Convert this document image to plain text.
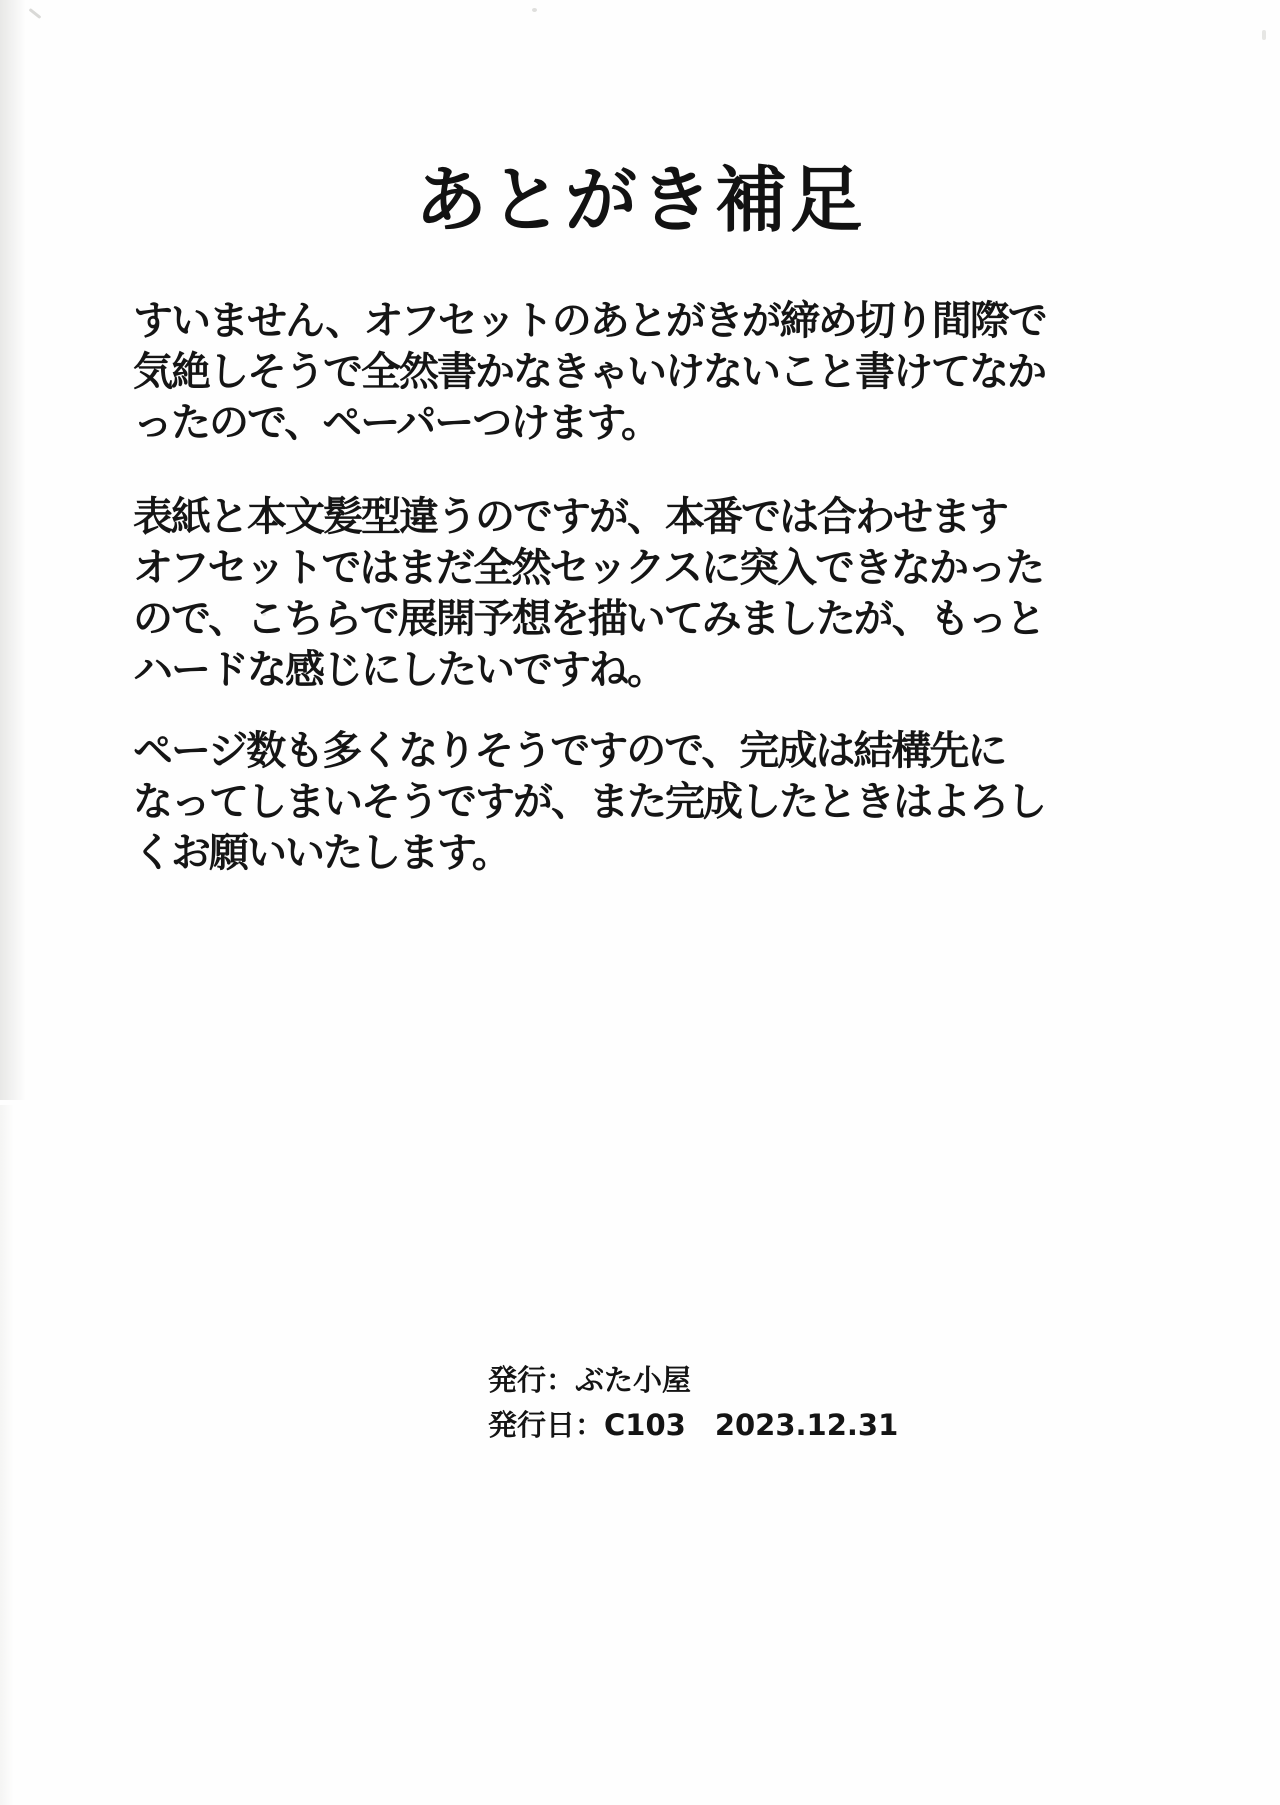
あとがき補足
すいません、オフセットのあとがきが締め切り間際で
気絶しそうで全然書かなきゃいけないこと書けてなか
ったので、ペーパーつけます。
表紙と本文髪型違うのですが、本番では合わせます
オフセットではまだ全然セックスに突入できなかった
ので、こちらで展開予想を描いてみましたが、もっと
ハードな感じにしたいですね。
ページ数も多くなりそうですので、完成は結構先に
なってしまいそうですが、また完成したときはよろし
くお願いいたします。
発行：ぶた小屋
発行日：C103　2023.12.31
